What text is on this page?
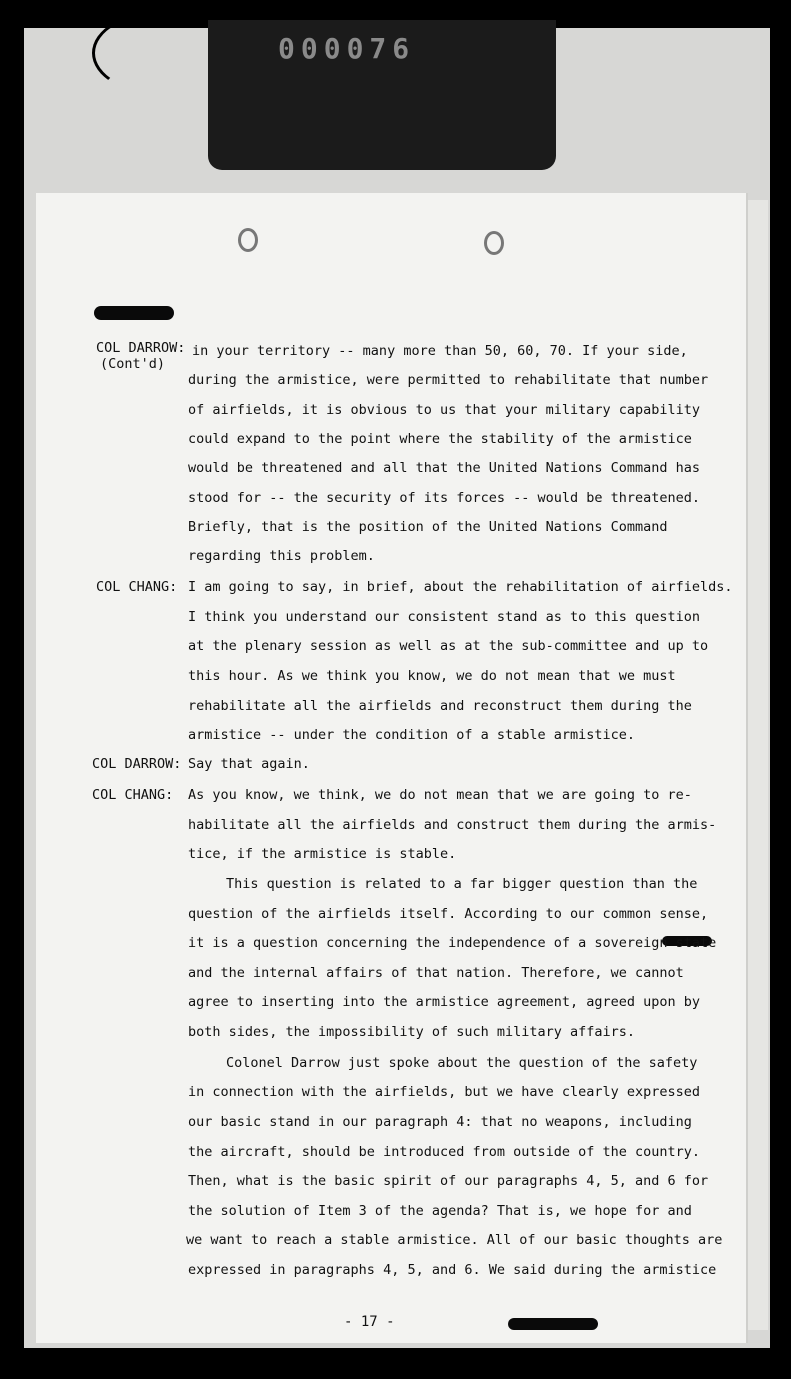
000076
COL DARROW:
(Cont'd)
COL CHANG:
COL DARROW:
COL CHANG:
in your territory -- many more than 50, 60, 70. If your side,
during the armistice, were permitted to rehabilitate that number
of airfields, it is obvious to us that your military capability
could expand to the point where the stability of the armistice
would be threatened and all that the United Nations Command has
stood for -- the security of its forces -- would be threatened.
Briefly, that is the position of the United Nations Command
regarding this problem.
I am going to say, in brief, about the rehabilitation of airfields.
I think you understand our consistent stand as to this question
at the plenary session as well as at the sub-committee and up to
this hour. As we think you know, we do not mean that we must
rehabilitate all the airfields and reconstruct them during the
armistice -- under the condition of a stable armistice.
Say that again.
As you know, we think, we do not mean that we are going to re-
habilitate all the airfields and construct them during the armis-
tice, if the armistice is stable.
This question is related to a far bigger question than the
question of the airfields itself. According to our common sense,
it is a question concerning the independence of a sovereign state
and the internal affairs of that nation. Therefore, we cannot
agree to inserting into the armistice agreement, agreed upon by
both sides, the impossibility of such military affairs.
Colonel Darrow just spoke about the question of the safety
in connection with the airfields, but we have clearly expressed
our basic stand in our paragraph 4: that no weapons, including
the aircraft, should be introduced from outside of the country.
Then, what is the basic spirit of our paragraphs 4, 5, and 6 for
the solution of Item 3 of the agenda? That is, we hope for and
we want to reach a stable armistice. All of our basic thoughts are
expressed in paragraphs 4, 5, and 6. We said during the armistice
- 17 -
